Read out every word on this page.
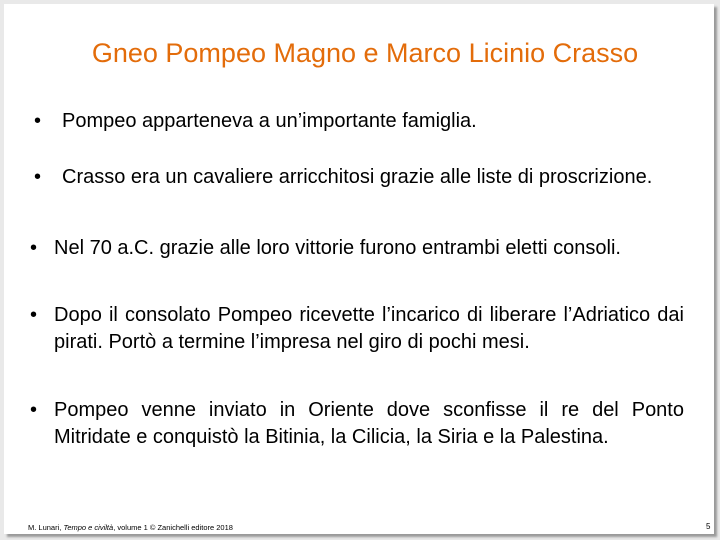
Gneo Pompeo Magno e Marco Licinio Crasso
• Pompeo apparteneva a un’importante famiglia.
• Crasso era un cavaliere arricchitosi grazie alle liste di proscrizione.
• Nel 70 a.C. grazie alle loro vittorie furono entrambi eletti consoli.
• Dopo il consolato Pompeo ricevette l’incarico di liberare l’Adriatico dai pirati. Portò a termine l’impresa nel giro di pochi mesi.
• Pompeo venne inviato in Oriente dove sconfisse il re del Ponto Mitridate e conquistò la Bitinia, la Cilicia, la Siria e la Palestina.
M. Lunari, Tempo e civiltà, volume 1 © Zanichelli editore 2018	5
